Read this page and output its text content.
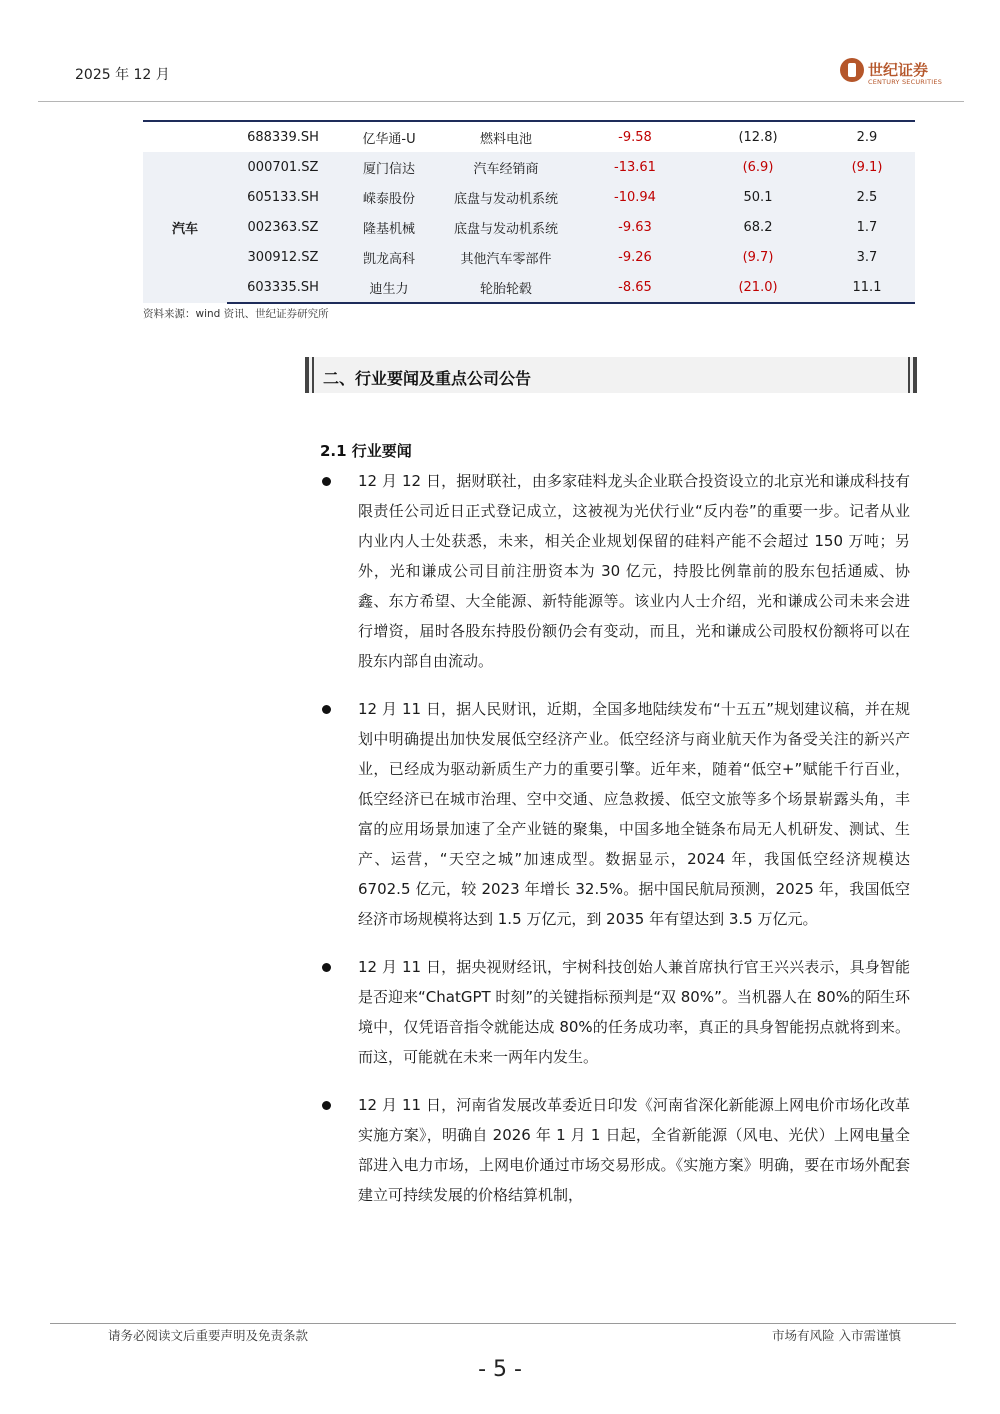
2025 年 12 月	世纪证券
CENTURY SECURITIES
	688339.SH	亿华通-U	燃料电池	-9.58	(12.8)	2.9
汽车	000701.SZ	厦门信达	汽车经销商	-13.61	(6.9)	(9.1)
	605133.SH	嵘泰股份	底盘与发动机系统	-10.94	50.1	2.5
	002363.SZ	隆基机械	底盘与发动机系统	-9.63	68.2	1.7
	300912.SZ	凯龙高科	其他汽车零部件	-9.26	(9.7)	3.7
	603335.SH	迪生力	轮胎轮毂	-8.65	(21.0)	11.1
资料来源：wind 资讯、世纪证券研究所
二、行业要闻及重点公司公告
2.1 行业要闻
12 月 12 日，据财联社，由多家硅料龙头企业联合投资设立的北京光和谦成科技有限责任公司近日正式登记成立，这被视为光伏行业“反内卷”的重要一步。记者从业内业内人士处获悉，未来，相关企业规划保留的硅料产能不会超过 150 万吨；另外，光和谦成公司目前注册资本为 30 亿元，持股比例靠前的股东包括通威、协鑫、东方希望、大全能源、新特能源等。该业内人士介绍，光和谦成公司未来会进行增资，届时各股东持股份额仍会有变动，而且，光和谦成公司股权份额将可以在股东内部自由流动。
12 月 11 日，据人民财讯，近期，全国多地陆续发布“十五五”规划建议稿，并在规划中明确提出加快发展低空经济产业。低空经济与商业航天作为备受关注的新兴产业，已经成为驱动新质生产力的重要引擎。近年来，随着“低空+”赋能千行百业，低空经济已在城市治理、空中交通、应急救援、低空文旅等多个场景崭露头角，丰富的应用场景加速了全产业链的聚集，中国多地全链条布局无人机研发、测试、生产、运营，“天空之城”加速成型。数据显示，2024 年，我国低空经济规模达 6702.5 亿元，较 2023 年增长 32.5%。据中国民航局预测，2025 年，我国低空经济市场规模将达到 1.5 万亿元，到 2035 年有望达到 3.5 万亿元。
12 月 11 日，据央视财经讯，宇树科技创始人兼首席执行官王兴兴表示，具身智能是否迎来“ChatGPT 时刻”的关键指标预判是“双 80%”。当机器人在 80%的陌生环境中，仅凭语音指令就能达成 80%的任务成功率，真正的具身智能拐点就将到来。而这，可能就在未来一两年内发生。
12 月 11 日，河南省发展改革委近日印发《河南省深化新能源上网电价市场化改革实施方案》，明确自 2026 年 1 月 1 日起，全省新能源（风电、光伏）上网电量全部进入电力市场，上网电价通过市场交易形成。《实施方案》明确，要在市场外配套建立可持续发展的价格结算机制，
请务必阅读文后重要声明及免责条款	市场有风险 入市需谨慎
- 5 -
